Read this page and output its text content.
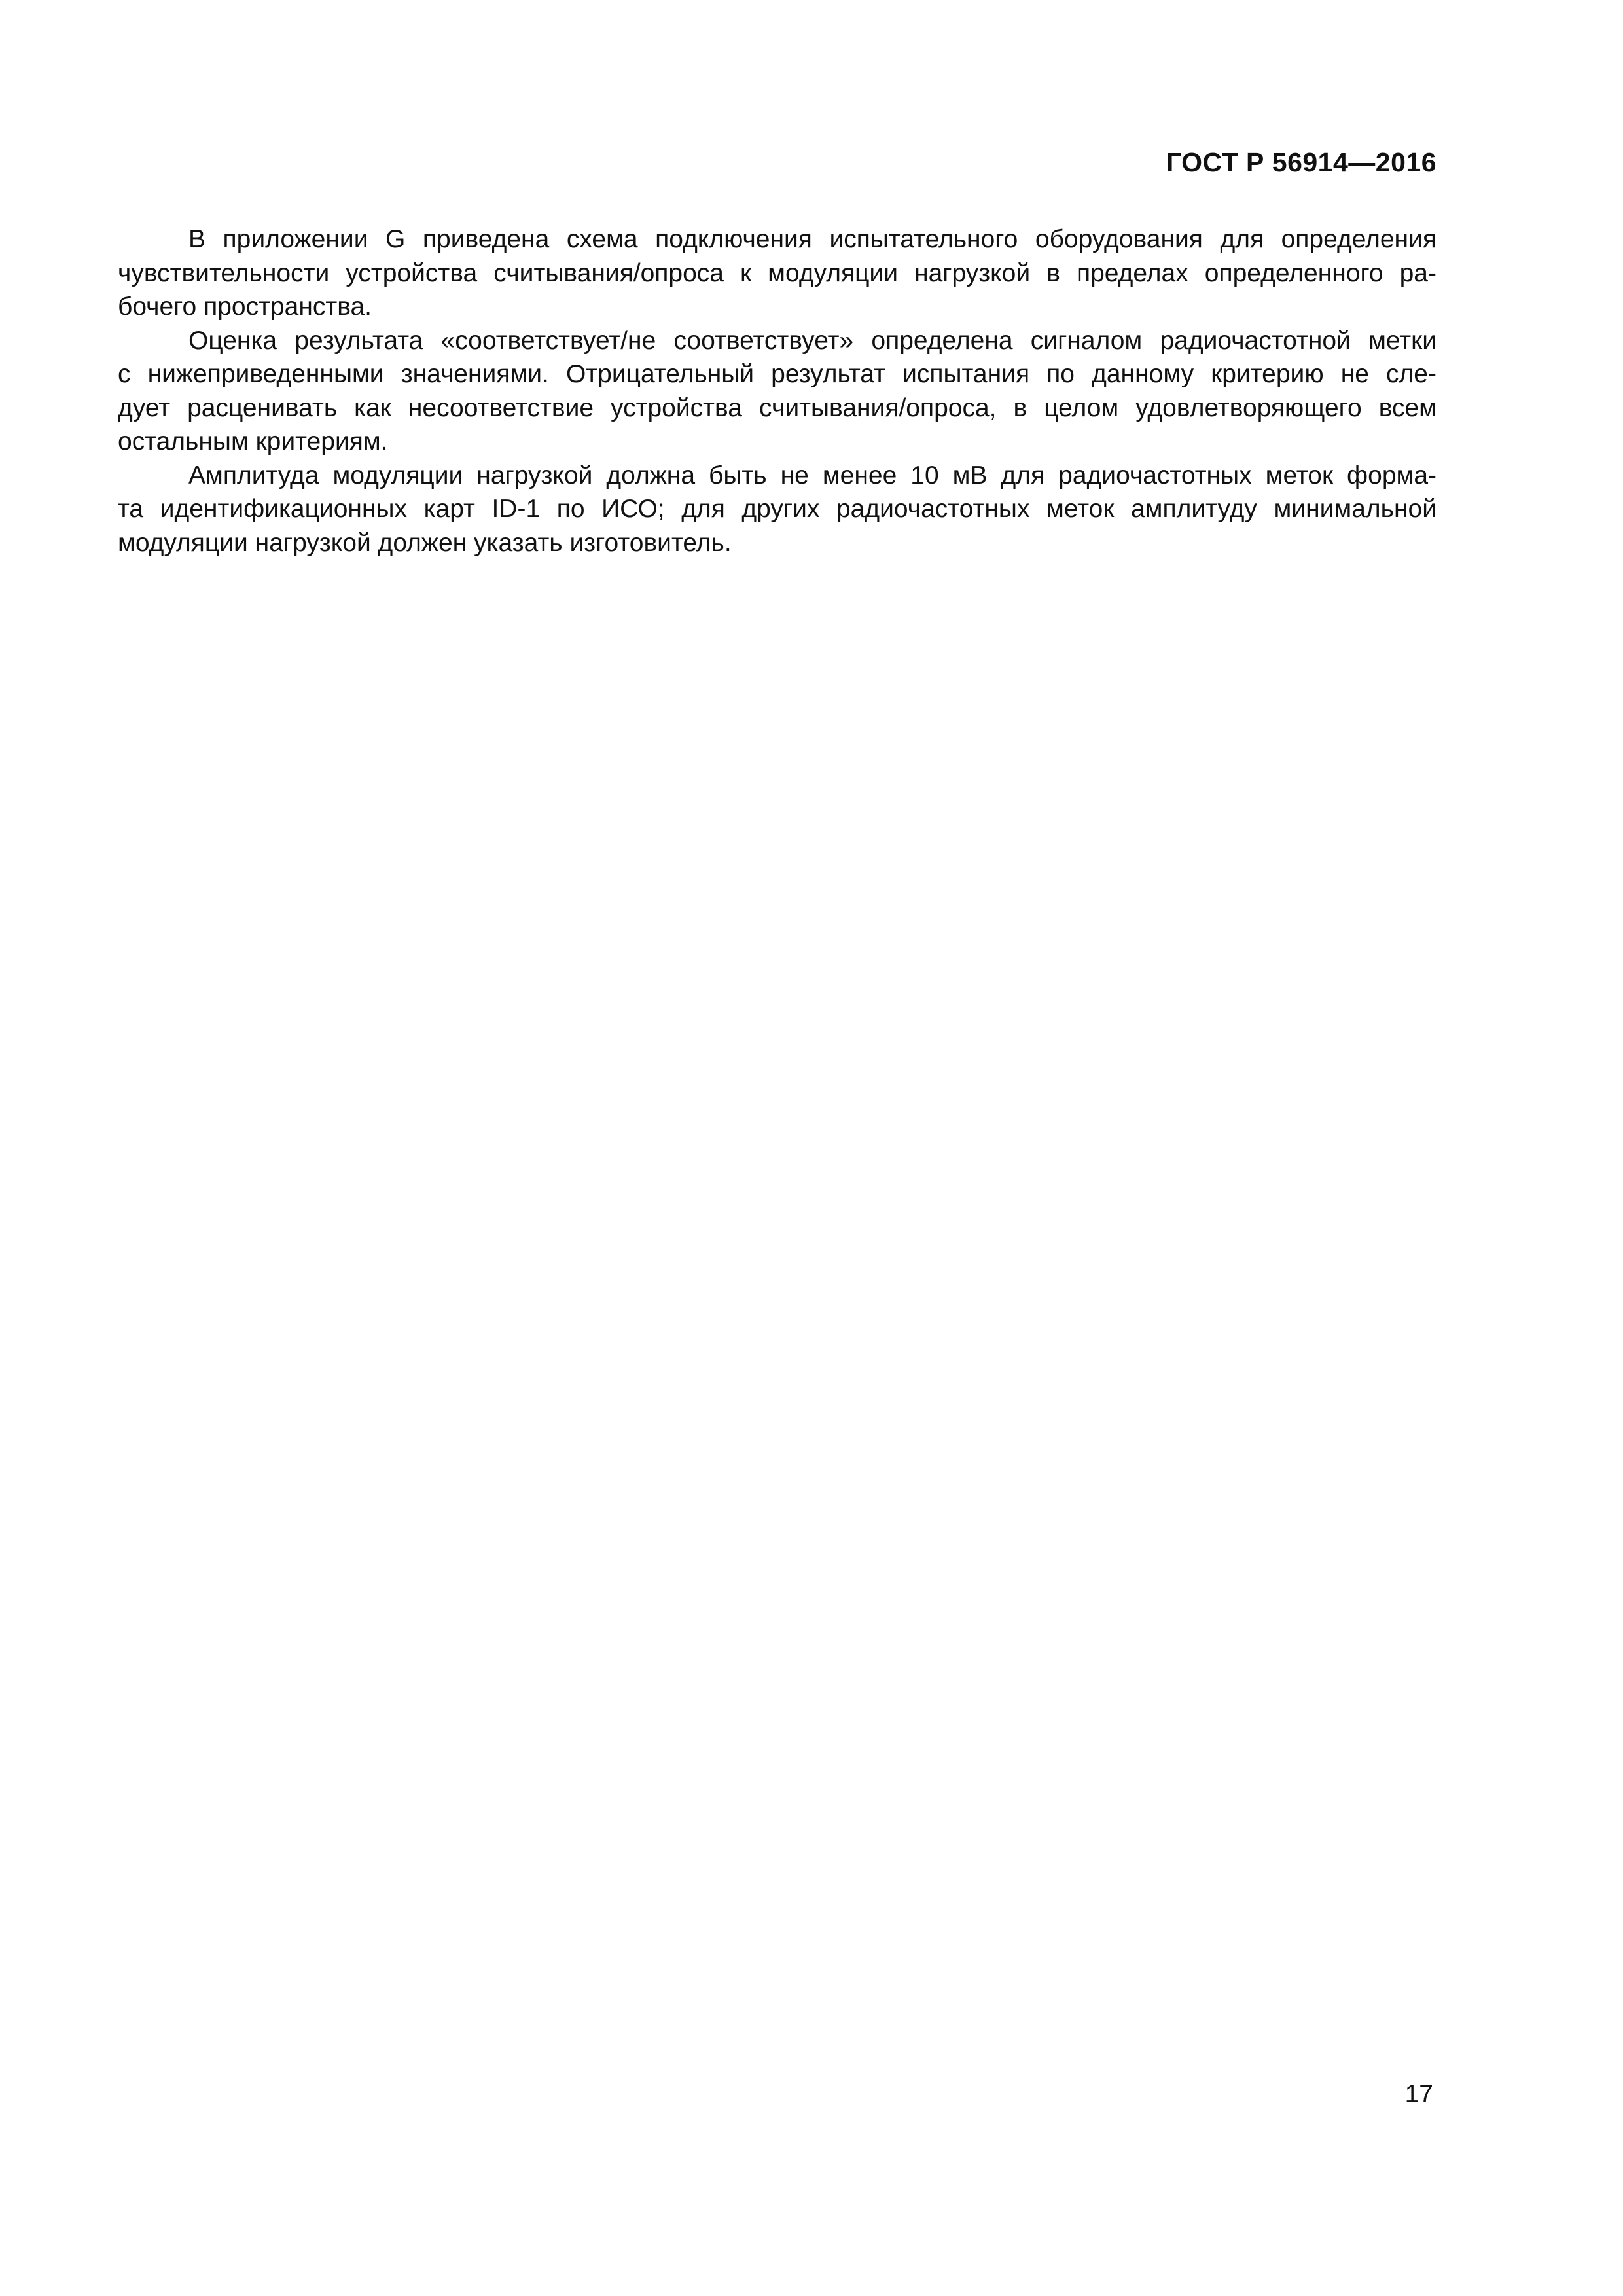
ГОСТ Р 56914—2016

В приложении G приведена схема подключения испытательного оборудования для определения
чувствительности устройства считывания/опроса к модуляции нагрузкой в пределах определенного ра-
бочего пространства.

Оценка результата «соответствует/не соответствует» определена сигналом радиочастотной метки
с нижеприведенными значениями. Отрицательный результат испытания по данному критерию не сле-
дует расценивать как несоответствие устройства считывания/опроса, в целом удовлетворяющего всем
остальным критериям.

Амплитуда модуляции нагрузкой должна быть не менее 10 мВ для радиочастотных меток форма-
та идентификационных карт ID-1 по ИСО; для других радиочастотных меток амплитуду минимальной
модуляции нагрузкой должен указать изготовитель.

17
